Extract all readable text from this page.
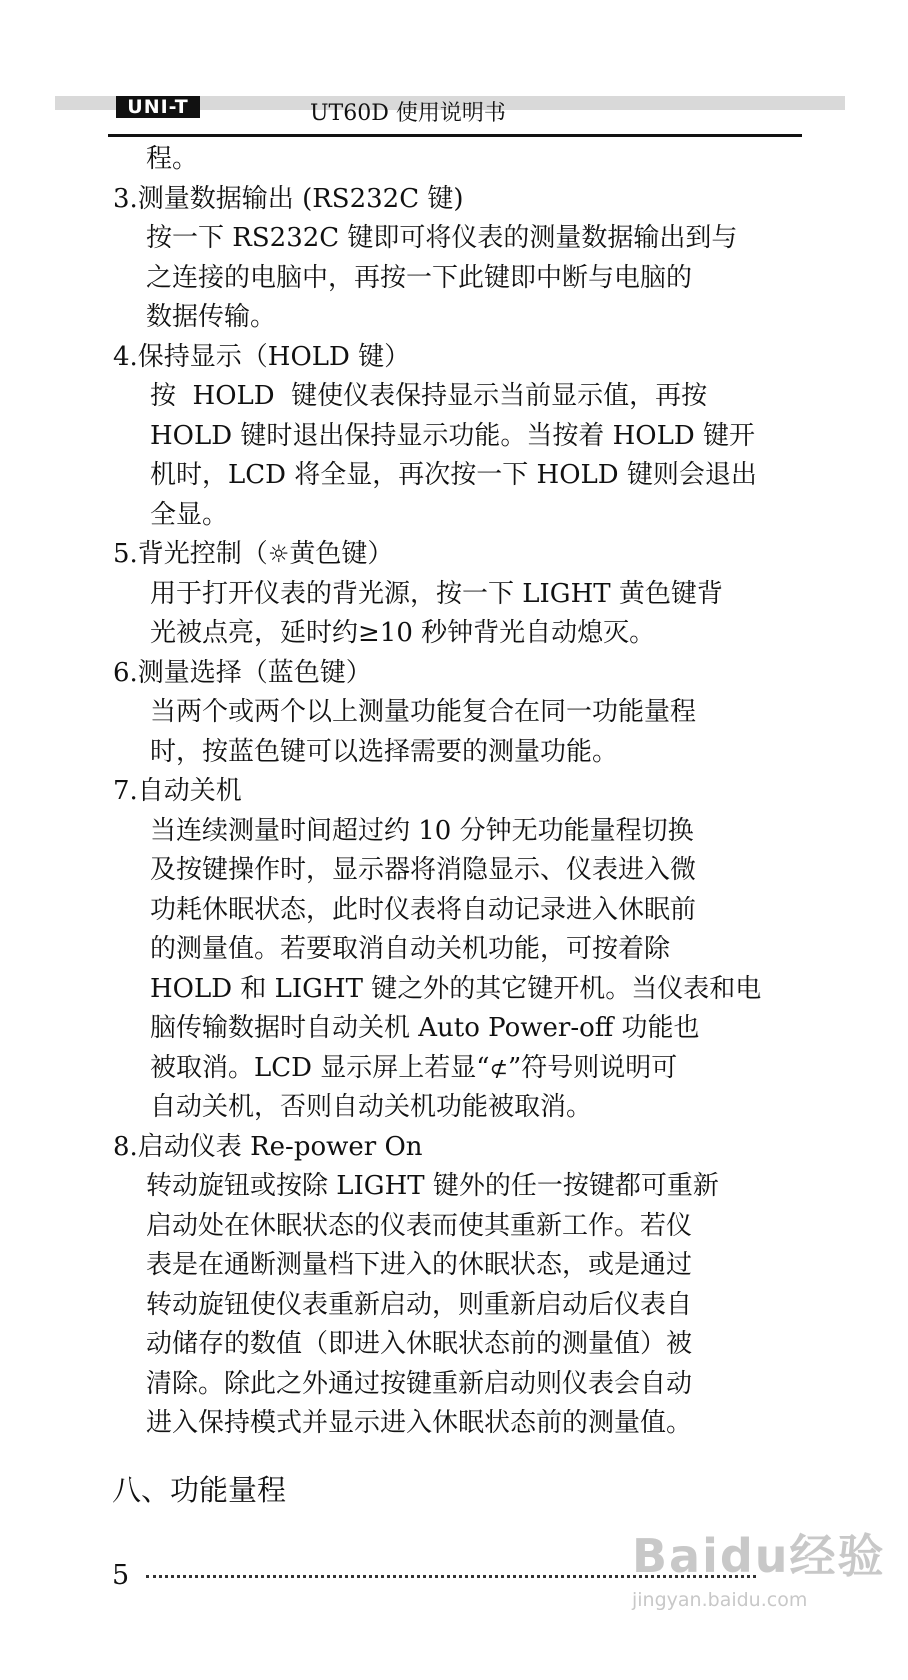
UNI-T	UT60D 使用说明书
程。
3.测量数据输出 (RS232C 键)
按一下 RS232C 键即可将仪表的测量数据输出到与
之连接的电脑中，再按一下此键即中断与电脑的
数据传输。
4.保持显示（HOLD 键）
按  HOLD  键使仪表保持显示当前显示值，再按
HOLD 键时退出保持显示功能。当按着 HOLD 键开
机时，LCD 将全显，再次按一下 HOLD 键则会退出
全显。
5.背光控制（☼黄色键）
用于打开仪表的背光源，按一下 LIGHT 黄色键背
光被点亮，延时约≥10 秒钟背光自动熄灭。
6.测量选择（蓝色键）
当两个或两个以上测量功能复合在同一功能量程
时，按蓝色键可以选择需要的测量功能。
7.自动关机
当连续测量时间超过约 10 分钟无功能量程切换
及按键操作时，显示器将消隐显示、仪表进入微
功耗休眠状态，此时仪表将自动记录进入休眠前
的测量值。若要取消自动关机功能，可按着除
HOLD 和 LIGHT 键之外的其它键开机。当仪表和电
脑传输数据时自动关机 Auto Power-off 功能也
被取消。LCD 显示屏上若显“⊄”符号则说明可
自动关机，否则自动关机功能被取消。
8.启动仪表 Re-power On
转动旋钮或按除 LIGHT 键外的任一按键都可重新
启动处在休眠状态的仪表而使其重新工作。若仪
表是在通断测量档下进入的休眠状态，或是通过
转动旋钮使仪表重新启动，则重新启动后仪表自
动储存的数值（即进入休眠状态前的测量值）被
清除。除此之外通过按键重新启动则仪表会自动
进入保持模式并显示进入休眠状态前的测量值。
八、功能量程
5	Baidu经验
jingyan.baidu.com
